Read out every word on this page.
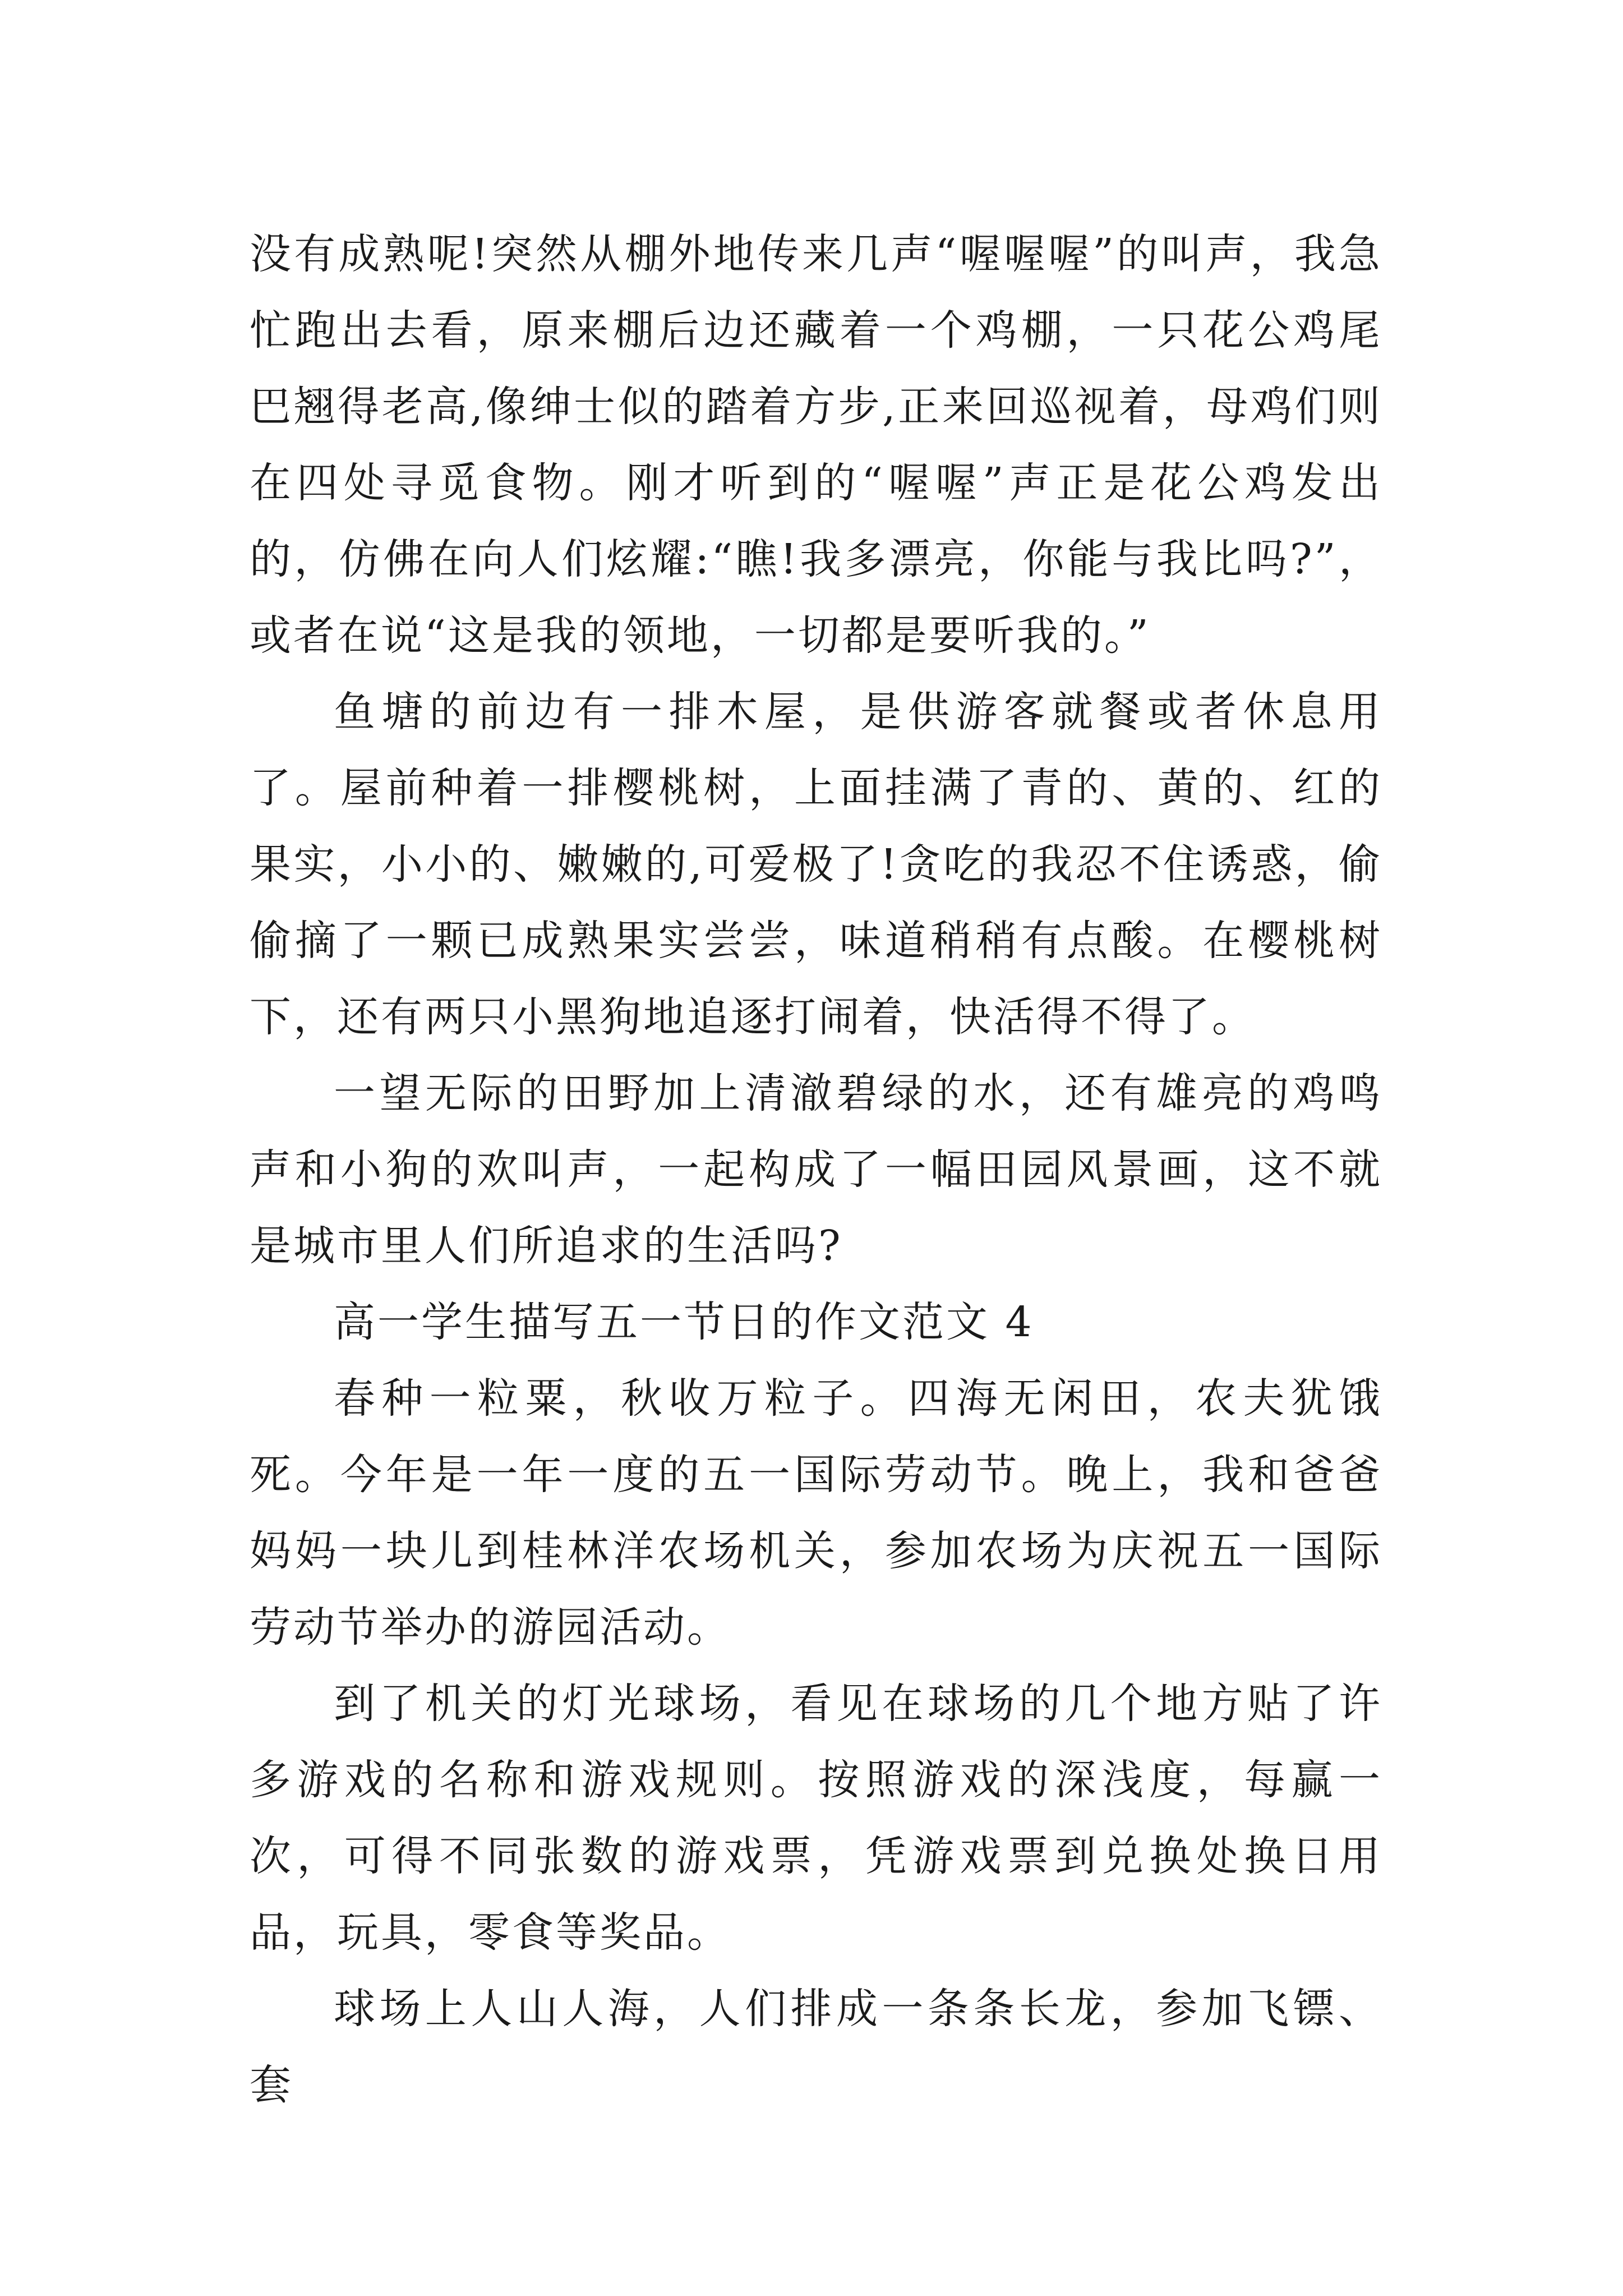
没有成熟呢!突然从棚外地传来几声“喔喔喔”的叫声，我急忙跑出去看，原来棚后边还藏着一个鸡棚，一只花公鸡尾巴翘得老高,像绅士似的踏着方步,正来回巡视着，母鸡们则在四处寻觅食物。刚才听到的“喔喔”声正是花公鸡发出的，仿佛在向人们炫耀:“瞧!我多漂亮，你能与我比吗?”，或者在说“这是我的领地，一切都是要听我的。”

鱼塘的前边有一排木屋，是供游客就餐或者休息用了。屋前种着一排樱桃树，上面挂满了青的、黄的、红的果实，小小的、嫩嫩的,可爱极了!贪吃的我忍不住诱惑，偷偷摘了一颗已成熟果实尝尝，味道稍稍有点酸。在樱桃树下，还有两只小黑狗地追逐打闹着，快活得不得了。

一望无际的田野加上清澈碧绿的水，还有雄亮的鸡鸣声和小狗的欢叫声，一起构成了一幅田园风景画，这不就是城市里人们所追求的生活吗?

高一学生描写五一节日的作文范文 4

春种一粒粟，秋收万粒子。四海无闲田，农夫犹饿死。今年是一年一度的五一国际劳动节。晚上，我和爸爸妈妈一块儿到桂林洋农场机关，参加农场为庆祝五一国际劳动节举办的游园活动。

到了机关的灯光球场，看见在球场的几个地方贴了许多游戏的名称和游戏规则。按照游戏的深浅度，每赢一次，可得不同张数的游戏票，凭游戏票到兑换处换日用品，玩具，零食等奖品。

球场上人山人海，人们排成一条条长龙，参加飞镖、套
